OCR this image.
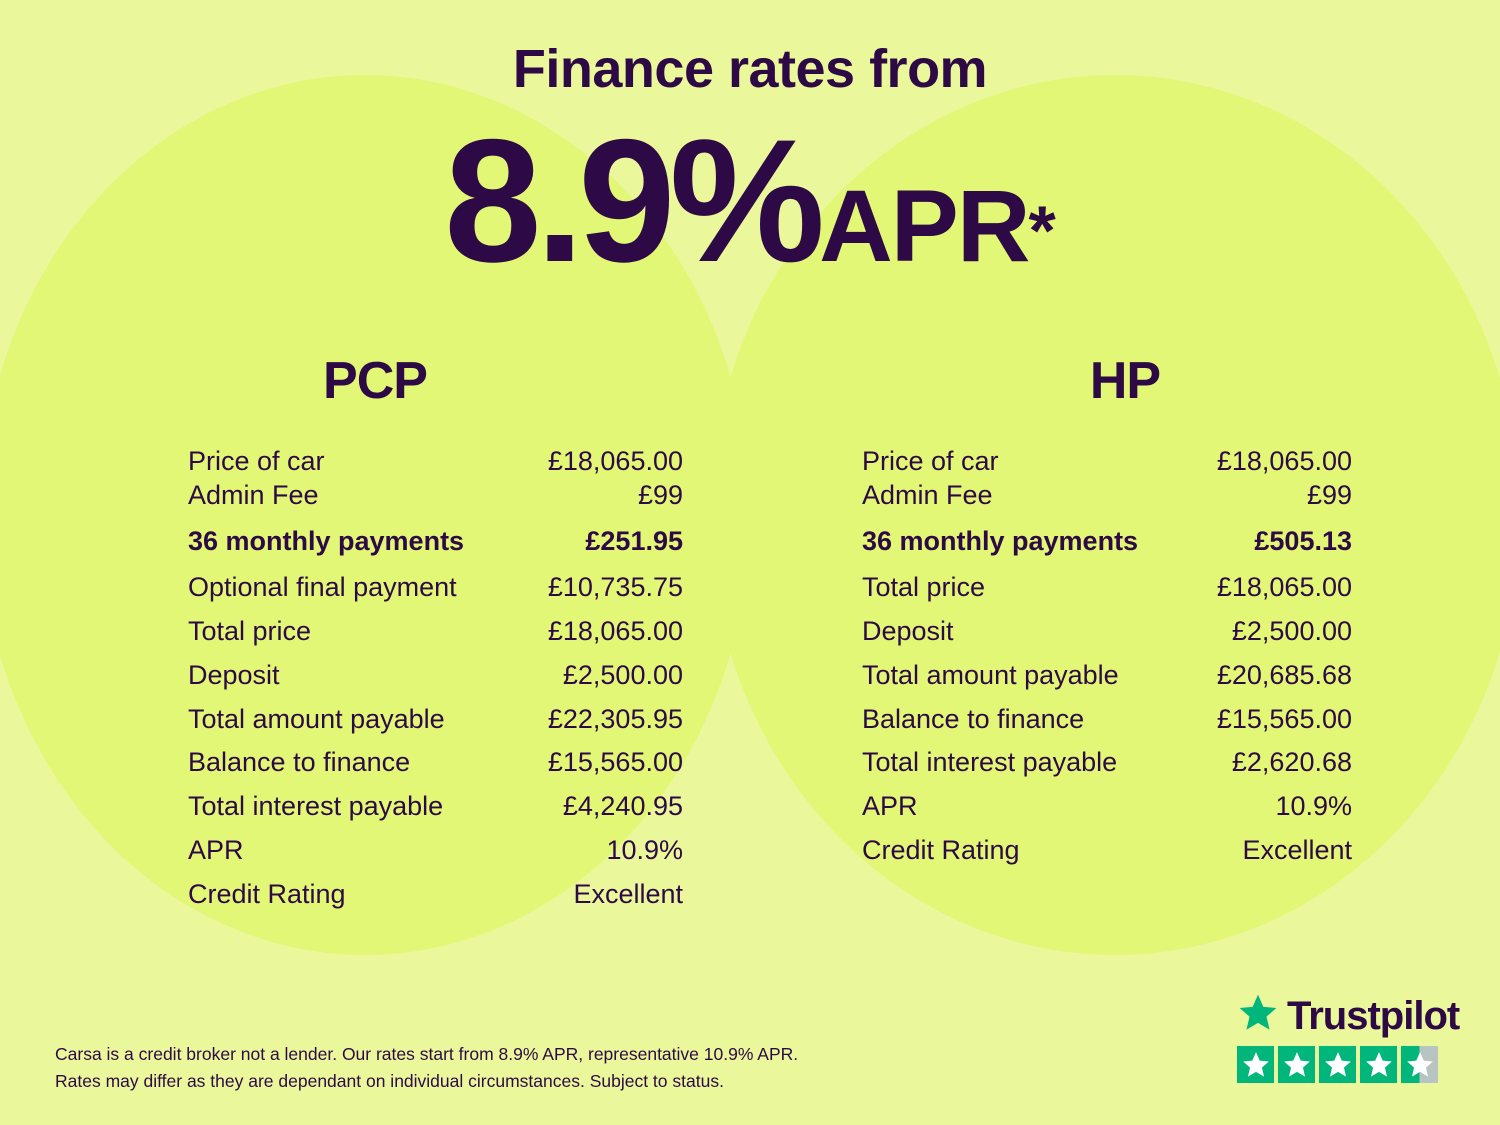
Finance rates from
8.9%APR*
PCP
Price of car	£18,065.00
Admin Fee	£99
36 monthly payments	£251.95
Optional final payment	£10,735.75
Total price	£18,065.00
Deposit	£2,500.00
Total amount payable	£22,305.95
Balance to finance	£15,565.00
Total interest payable	£4,240.95
APR	10.9%
Credit Rating	Excellent
HP
Price of car	£18,065.00
Admin Fee	£99
36 monthly payments	£505.13
Total price	£18,065.00
Deposit	£2,500.00
Total amount payable	£20,685.68
Balance to finance	£15,565.00
Total interest payable	£2,620.68
APR	10.9%
Credit Rating	Excellent
Carsa is a credit broker not a lender. Our rates start from 8.9% APR, representative 10.9% APR.
Rates may differ as they are dependant on individual circumstances. Subject to status.
Trustpilot
